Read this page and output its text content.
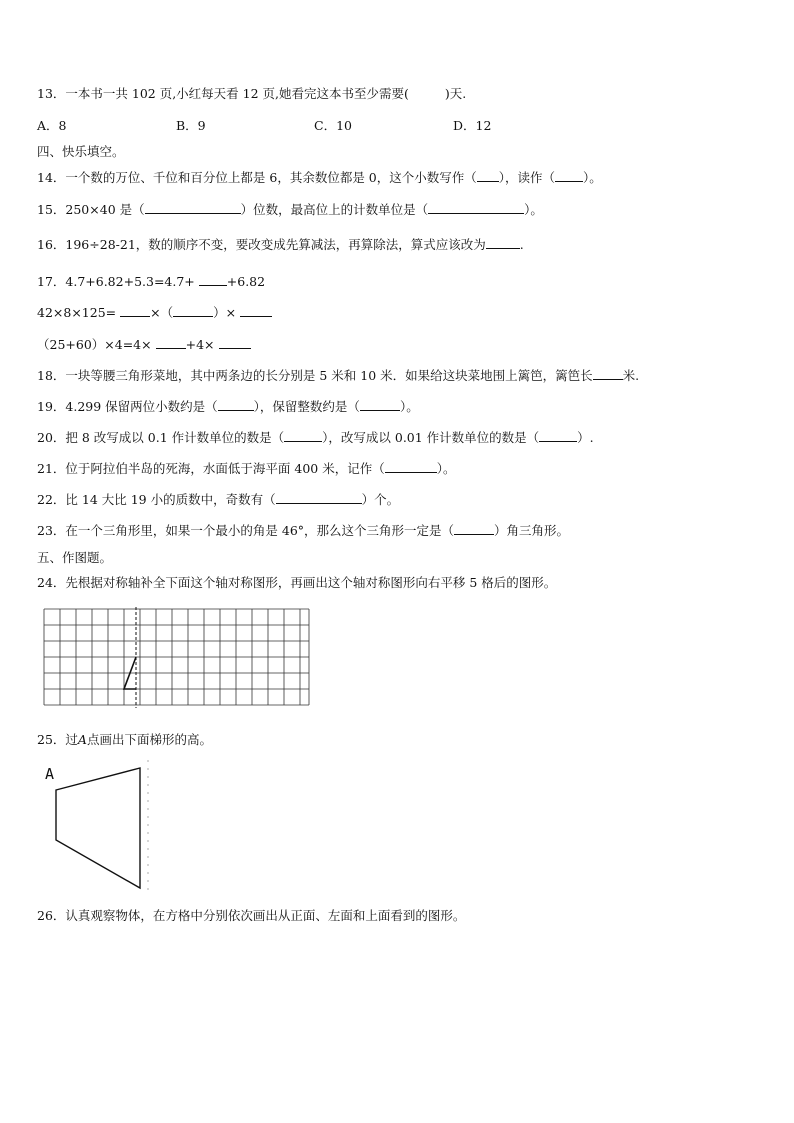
13．一本书一共 102 页,小红每天看 12 页,她看完这本书至少需要(	)天.
A．8	B．9	C．10	D．12
四、快乐填空。
14．一个数的万位、千位和百分位上都是 6，其余数位都是 0，这个小数写作（ ），读作（ ）。
15．250×40 是（	）位数，最高位上的计数单位是（	）。
16．196÷28-21，数的顺序不变，要改变成先算减法，再算除法，算式应该改为	.
17．4.7+6.82+5.3=4.7+	+6.82
42×8×125=	×（	）×
（25+60）×4=4×	+4×
18．一块等腰三角形菜地，其中两条边的长分别是 5 米和 10 米．如果给这块菜地围上篱笆，篱笆长 米.
19．4.299 保留两位小数约是（	），保留整数约是（	）。
20．把 8 改写成以 0.1 作计数单位的数是（	），改写成以 0.01 作计数单位的数是（	）.
21．位于阿拉伯半岛的死海，水面低于海平面 400 米，记作（	）。
22．比 14 大比 19 小的质数中，奇数有（	）个。
23．在一个三角形里，如果一个最小的角是 46°，那么这个三角形一定是（	）角三角形。
五、作图题。
24．先根据对称轴补全下面这个轴对称图形，再画出这个轴对称图形向右平移 5 格后的图形。
25．过A点画出下面梯形的高。
A
26．认真观察物体，在方格中分别依次画出从正面、左面和上面看到的图形。
